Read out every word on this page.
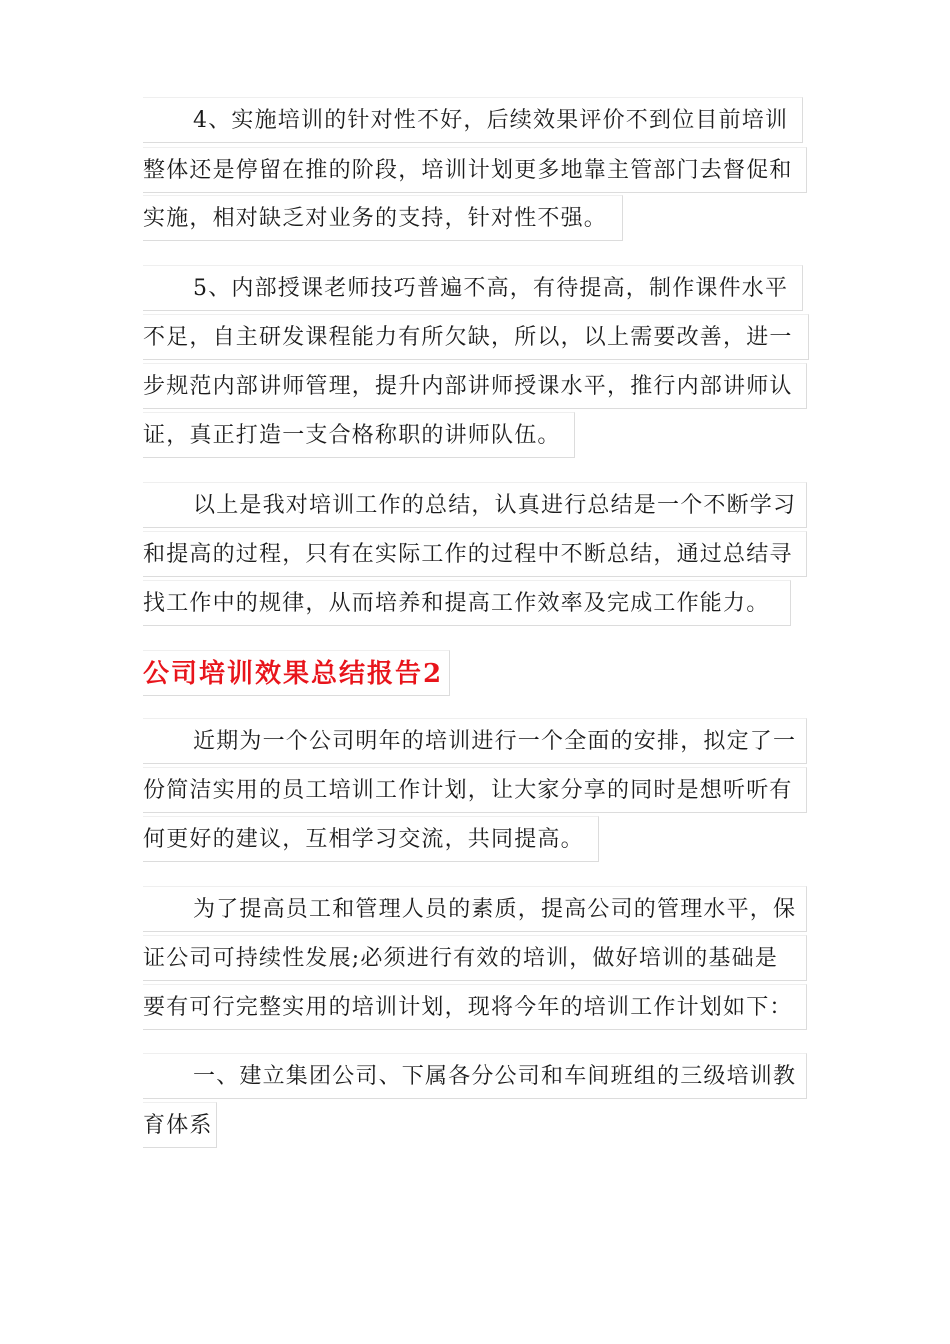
4、实施培训的针对性不好，后续效果评价不到位目前培训
整体还是停留在推的阶段，培训计划更多地靠主管部门去督促和
实施，相对缺乏对业务的支持，针对性不强。
5、内部授课老师技巧普遍不高，有待提高，制作课件水平
不足，自主研发课程能力有所欠缺，所以，以上需要改善，进一
步规范内部讲师管理，提升内部讲师授课水平，推行内部讲师认
证，真正打造一支合格称职的讲师队伍。
以上是我对培训工作的总结，认真进行总结是一个不断学习
和提高的过程，只有在实际工作的过程中不断总结，通过总结寻
找工作中的规律，从而培养和提高工作效率及完成工作能力。
公司培训效果总结报告2
近期为一个公司明年的培训进行一个全面的安排，拟定了一
份简洁实用的员工培训工作计划，让大家分享的同时是想听听有
何更好的建议，互相学习交流，共同提高。
为了提高员工和管理人员的素质，提高公司的管理水平，保
证公司可持续性发展;必须进行有效的培训，做好培训的基础是
要有可行完整实用的培训计划，现将今年的培训工作计划如下：
一、建立集团公司、下属各分公司和车间班组的三级培训教
育体系
